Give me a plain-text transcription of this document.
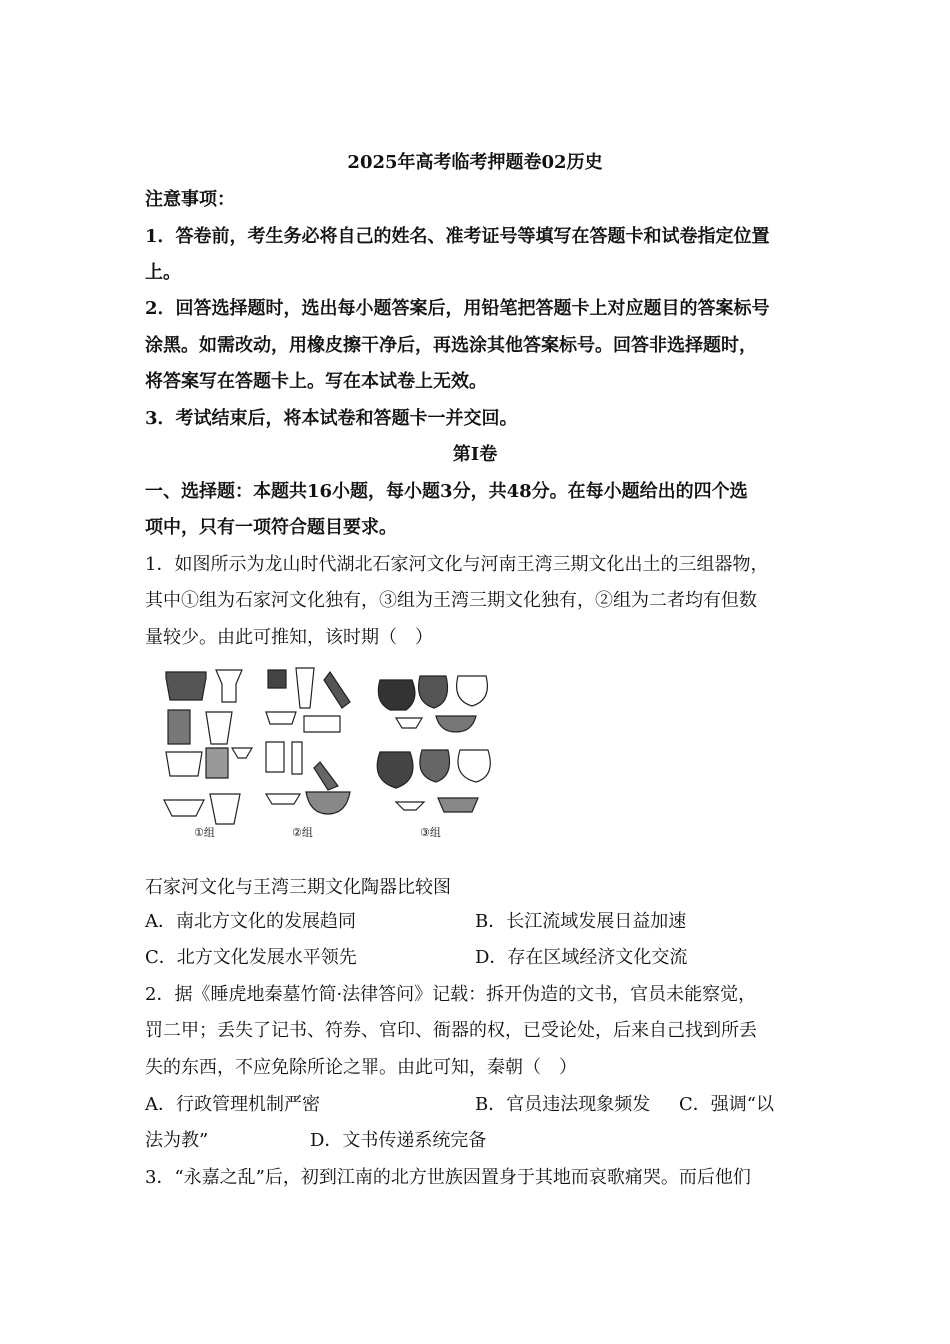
2025年高考临考押题卷02历史
注意事项：
1．答卷前，考生务必将自己的姓名、准考证号等填写在答题卡和试卷指定位置
上。
2．回答选择题时，选出每小题答案后，用铅笔把答题卡上对应题目的答案标号
涂黑。如需改动，用橡皮擦干净后，再选涂其他答案标号。回答非选择题时，
将答案写在答题卡上。写在本试卷上无效。
3．考试结束后，将本试卷和答题卡一并交回。
第Ⅰ卷
一、选择题：本题共16小题，每小题3分，共48分。在每小题给出的四个选
项中，只有一项符合题目要求。
1．如图所示为龙山时代湖北石家河文化与河南王湾三期文化出土的三组器物，
其中①组为石家河文化独有，③组为王湾三期文化独有，②组为二者均有但数
量较少。由此可推知，该时期（　）
①组	②组	③组
石家河文化与王湾三期文化陶器比较图
A．南北方文化的发展趋同	B．长江流域发展日益加速
C．北方文化发展水平领先	D．存在区域经济文化交流
2．据《睡虎地秦墓竹简·法律答问》记载：拆开伪造的文书，官员未能察觉，
罚二甲；丢失了记书、符券、官印、衙器的权，已受论处，后来自己找到所丢
失的东西，不应免除所论之罪。由此可知，秦朝（　）
A．行政管理机制严密	B．官员违法现象频发 C．强调“以
法为教”	D．文书传递系统完备
3．“永嘉之乱”后，初到江南的北方世族因置身于其地而哀歌痛哭。而后他们
